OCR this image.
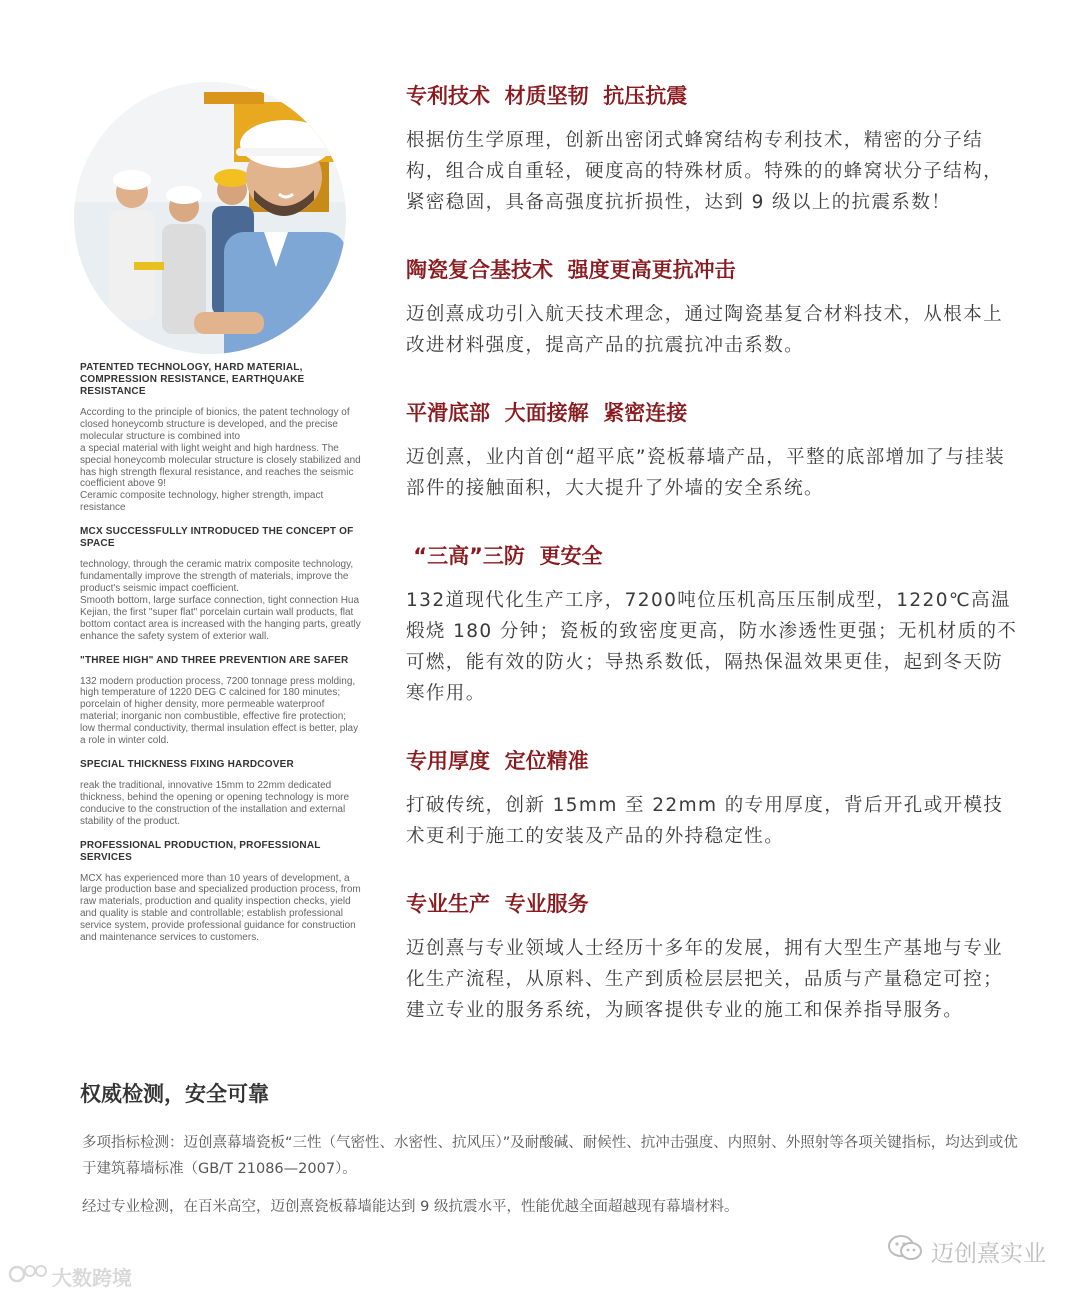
PATENTED TECHNOLOGY, HARD MATERIAL, COMPRESSION RESISTANCE, EARTHQUAKE RESISTANCE

According to the principle of bionics, the patent technology of closed honeycomb structure is developed, and the precise molecular structure is combined into
a special material with light weight and high hardness. The special honeycomb molecular structure is closely stabilized and has high strength flexural resistance, and reaches the seismic coefficient above 9!
Ceramic composite technology, higher strength, impact resistance

MCX SUCCESSFULLY INTRODUCED THE CONCEPT OF SPACE

technology, through the ceramic matrix composite technology, fundamentally improve the strength of materials, improve the product's seismic impact coefficient.
Smooth bottom, large surface connection, tight connection Hua Kejian, the first "super flat" porcelain curtain wall products, flat bottom contact area is increased with the hanging parts, greatly enhance the safety system of exterior wall.

"THREE HIGH" AND THREE PREVENTION ARE SAFER

132 modern production process, 7200 tonnage press molding, high temperature of 1220 DEG C calcined for 180 minutes; porcelain of higher density, more permeable waterproof material; inorganic non combustible, effective fire protection; low thermal conductivity, thermal insulation effect is better, play a role in winter cold.

SPECIAL THICKNESS FIXING HARDCOVER

reak the traditional, innovative 15mm to 22mm dedicated thickness, behind the opening or opening technology is more conducive to the construction of the installation and external stability of the product.

PROFESSIONAL PRODUCTION, PROFESSIONAL SERVICES

MCX has experienced more than 10 years of development, a large production base and specialized production process, from raw materials, production and quality inspection checks, yield and quality is stable and controllable; establish professional service system, provide professional guidance for construction and maintenance services to customers.

专利技术  材质坚韧  抗压抗震

根据仿生学原理，创新出密闭式蜂窝结构专利技术，精密的分子结构，组合成自重轻，硬度高的特殊材质。特殊的的蜂窝状分子结构，紧密稳固，具备高强度抗折损性，达到 9 级以上的抗震系数！

陶瓷复合基技术  强度更高更抗冲击

迈创熹成功引入航天技术理念，通过陶瓷基复合材料技术，从根本上改进材料强度，提高产品的抗震抗冲击系数。

平滑底部  大面接解  紧密连接

迈创熹，业内首创“超平底”瓷板幕墙产品，平整的底部增加了与挂装部件的接触面积，大大提升了外墙的安全系统。

“三高”三防  更安全

132道现代化生产工序，7200吨位压机高压压制成型，1220℃高温煅烧 180 分钟；瓷板的致密度更高，防水渗透性更强；无机材质的不可燃，能有效的防火；导热系数低，隔热保温效果更佳，起到冬天防寒作用。

专用厚度  定位精准

打破传统，创新 15mm 至 22mm 的专用厚度，背后开孔或开模技术更利于施工的安装及产品的外持稳定性。

专业生产  专业服务

迈创熹与专业领域人士经历十多年的发展，拥有大型生产基地与专业化生产流程，从原料、生产到质检层层把关，品质与产量稳定可控；建立专业的服务系统，为顾客提供专业的施工和保养指导服务。

权威检测，安全可靠
多项指标检测：迈创熹幕墙瓷板“三性（气密性、水密性、抗风压）”及耐酸碱、耐候性、抗冲击强度、内照射、外照射等各项关键指标，均达到或优于建筑幕墙标准（GB/T 21086—2007）。
经过专业检测，在百米高空，迈创熹瓷板幕墙能达到 9 级抗震水平，性能优越全面超越现有幕墙材料。
大数跨境
迈创熹实业
